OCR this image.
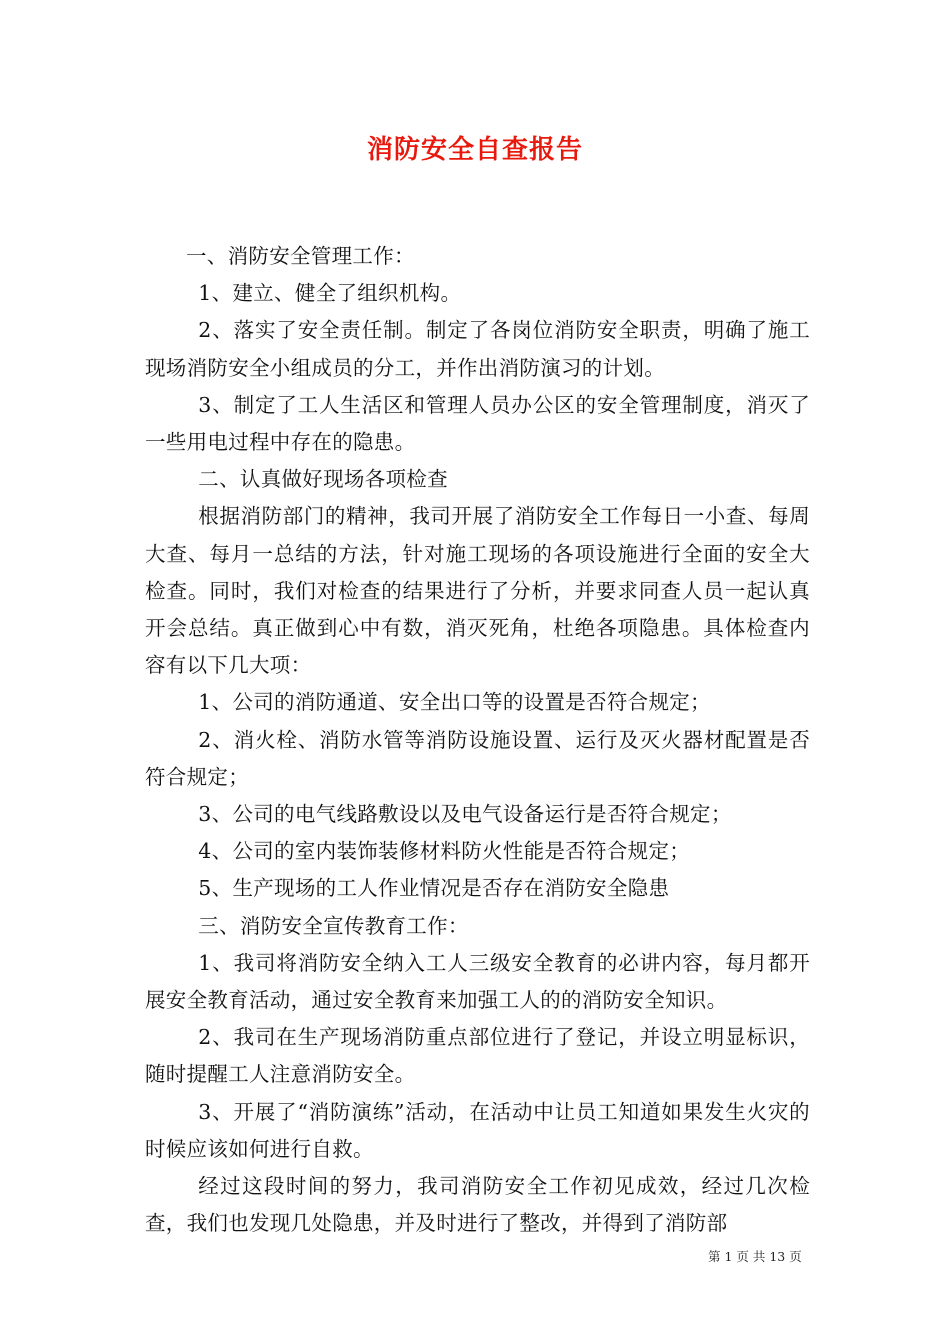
消防安全自查报告

一、消防安全管理工作：

1、建立、健全了组织机构。

2、落实了安全责任制。制定了各岗位消防安全职责，明确了施工现场消防安全小组成员的分工，并作出消防演习的计划。

3、制定了工人生活区和管理人员办公区的安全管理制度，消灭了一些用电过程中存在的隐患。

二、认真做好现场各项检查

根据消防部门的精神，我司开展了消防安全工作每日一小查、每周大查、每月一总结的方法，针对施工现场的各项设施进行全面的安全大检查。同时，我们对检查的结果进行了分析，并要求同查人员一起认真开会总结。真正做到心中有数，消灭死角，杜绝各项隐患。具体检查内容有以下几大项：

1、公司的消防通道、安全出口等的设置是否符合规定；

2、消火栓、消防水管等消防设施设置、运行及灭火器材配置是否符合规定；

3、公司的电气线路敷设以及电气设备运行是否符合规定；

4、公司的室内装饰装修材料防火性能是否符合规定；

5、生产现场的工人作业情况是否存在消防安全隐患

三、消防安全宣传教育工作：

1、我司将消防安全纳入工人三级安全教育的必讲内容，每月都开展安全教育活动，通过安全教育来加强工人的的消防安全知识。

2、我司在生产现场消防重点部位进行了登记，并设立明显标识，随时提醒工人注意消防安全。

3、开展了“消防演练”活动，在活动中让员工知道如果发生火灾的时候应该如何进行自救。

经过这段时间的努力，我司消防安全工作初见成效，经过几次检查，我们也发现几处隐患，并及时进行了整改，并得到了消防部

第 1 页 共 13 页
